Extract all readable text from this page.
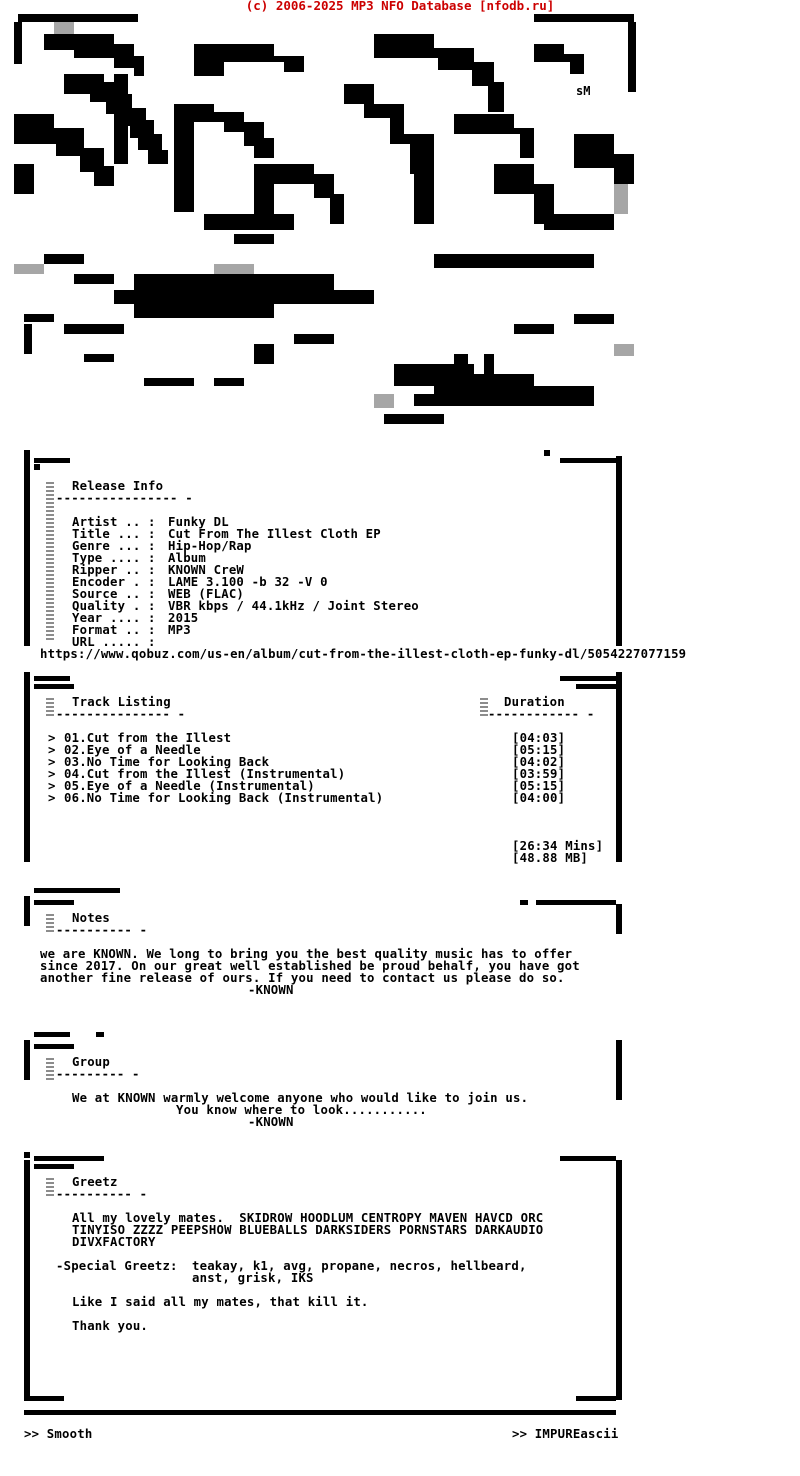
(c) 2006-2025 MP3 NFO Database [nfodb.ru]
sM
Release Info
---------------- -
Artist .. : Funky DL
Title ... : Cut From The Illest Cloth EP
Genre ... : Hip-Hop/Rap
Type .... : Album
Ripper .. : KNOWN CreW
Encoder . : LAME 3.100 -b 32 -V 0
Source .. : WEB (FLAC)
Quality . : VBR kbps / 44.1kHz / Joint Stereo
Year .... : 2015
Format .. : MP3
URL ..... :
https://www.qobuz.com/us-en/album/cut-from-the-illest-cloth-ep-funky-dl/5054227077159
Track Listing
--------------- -
Duration
------------ -
> 01.Cut from the Illest	[04:03]
> 02.Eye of a Needle	[05:15]
> 03.No Time for Looking Back	[04:02]
> 04.Cut from the Illest (Instrumental)	[03:59]
> 05.Eye of a Needle (Instrumental)	[05:15]
> 06.No Time for Looking Back (Instrumental)	[04:00]
[26:34 Mins]
[48.88 MB]
Notes
---------- -
we are KNOWN. We long to bring you the best quality music has to offer
since 2017. On our great well established be proud behalf, you have got
another fine release of ours. If you need to contact us please do so.
-KNOWN
Group
--------- -
We at KNOWN warmly welcome anyone who would like to join us.
You know where to look...........
-KNOWN
Greetz
---------- -
All my lovely mates.  SKIDROW HOODLUM CENTROPY MAVEN HAVCD ORC
TINYISO ZZZZ PEEPSHOW BLUEBALLS DARKSIDERS PORNSTARS DARKAUDIO
DIVXFACTORY
-Special Greetz: teakay, k1, avg, propane, necros, hellbeard,
anst, grisk, IKS
Like I said all my mates, that kill it.
Thank you.
>> Smooth	>> IMPUREascii
